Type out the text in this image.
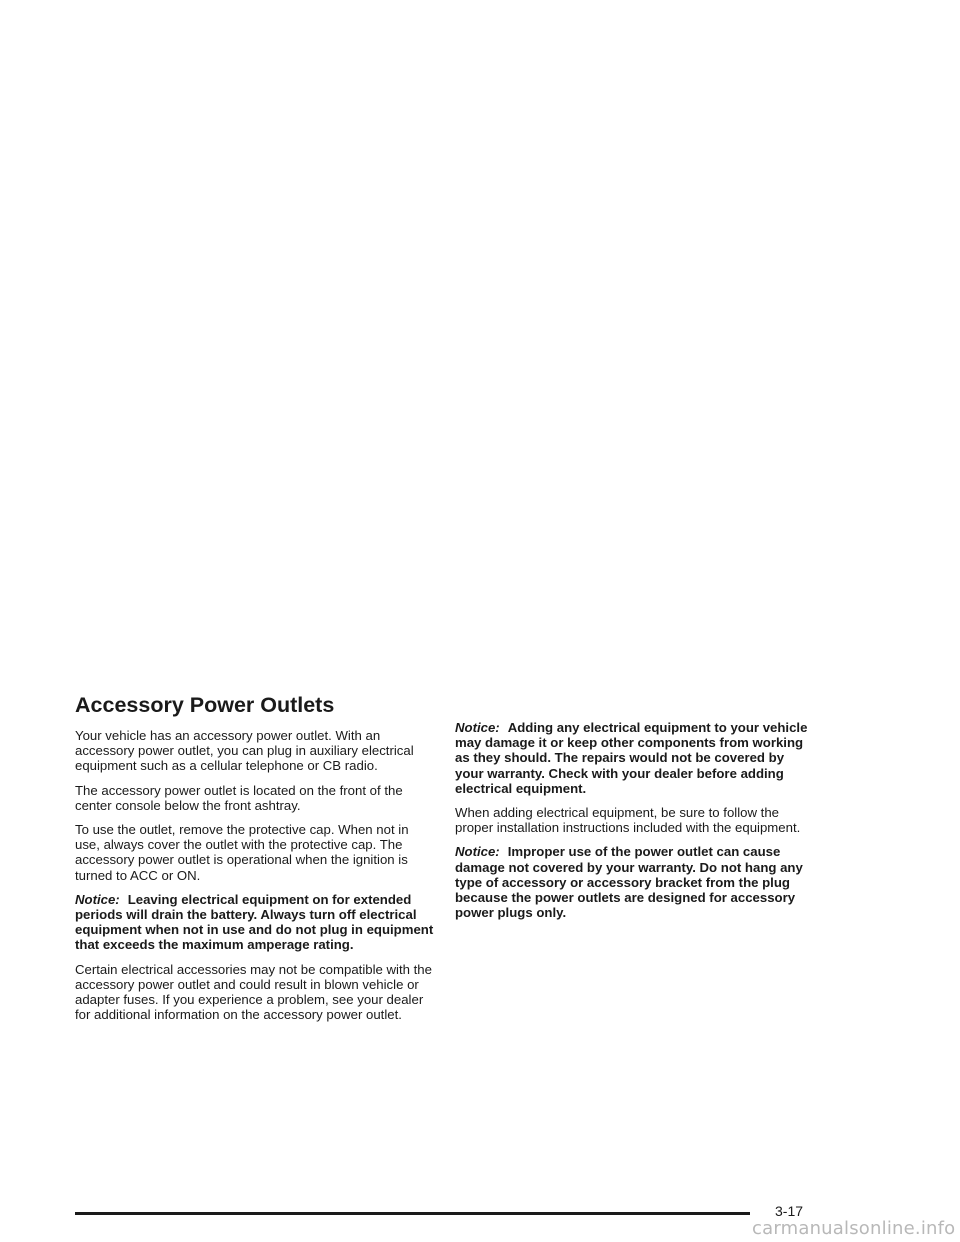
Accessory Power Outlets

Your vehicle has an accessory power outlet. With an accessory power outlet, you can plug in auxiliary electrical equipment such as a cellular telephone or CB radio.

The accessory power outlet is located on the front of the center console below the front ashtray.

To use the outlet, remove the protective cap. When not in use, always cover the outlet with the protective cap. The accessory power outlet is operational when the ignition is turned to ACC or ON.

Notice: Leaving electrical equipment on for extended periods will drain the battery. Always turn off electrical equipment when not in use and do not plug in equipment that exceeds the maximum amperage rating.

Certain electrical accessories may not be compatible with the accessory power outlet and could result in blown vehicle or adapter fuses. If you experience a problem, see your dealer for additional information on the accessory power outlet.

Notice: Adding any electrical equipment to your vehicle may damage it or keep other components from working as they should. The repairs would not be covered by your warranty. Check with your dealer before adding electrical equipment.

When adding electrical equipment, be sure to follow the proper installation instructions included with the equipment.

Notice: Improper use of the power outlet can cause damage not covered by your warranty. Do not hang any type of accessory or accessory bracket from the plug because the power outlets are designed for accessory power plugs only.

3-17
carmanualsonline.info
